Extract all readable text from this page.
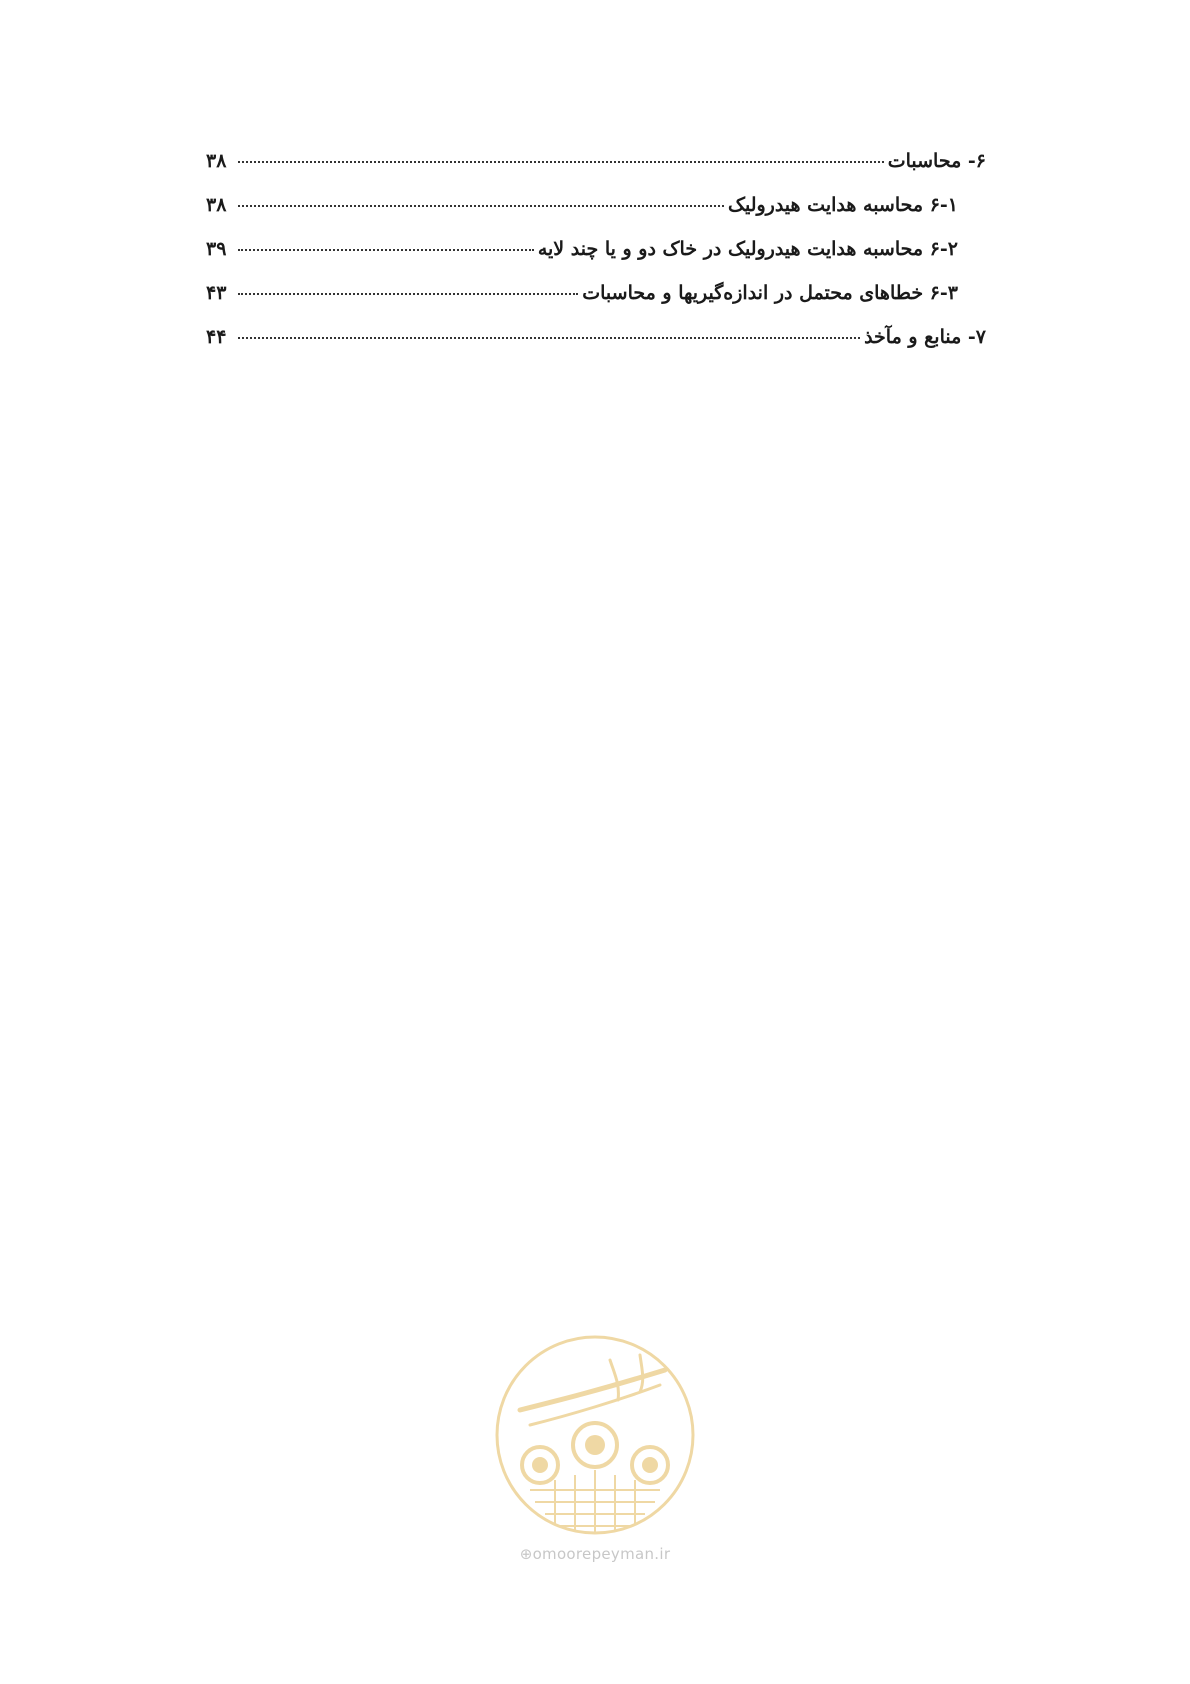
۶- محاسبات
۳۸
۶-۱ محاسبه هدایت هیدرولیک
۳۸
۶-۲ محاسبه هدایت هیدرولیک در خاک دو و یا چند لایه
۳۹
۶-۳ خطاهای محتمل در اندازه‌گیریها و محاسبات
۴۳
۷- منابع و مآخذ
۴۴
⊕omoorepeyman.ir
